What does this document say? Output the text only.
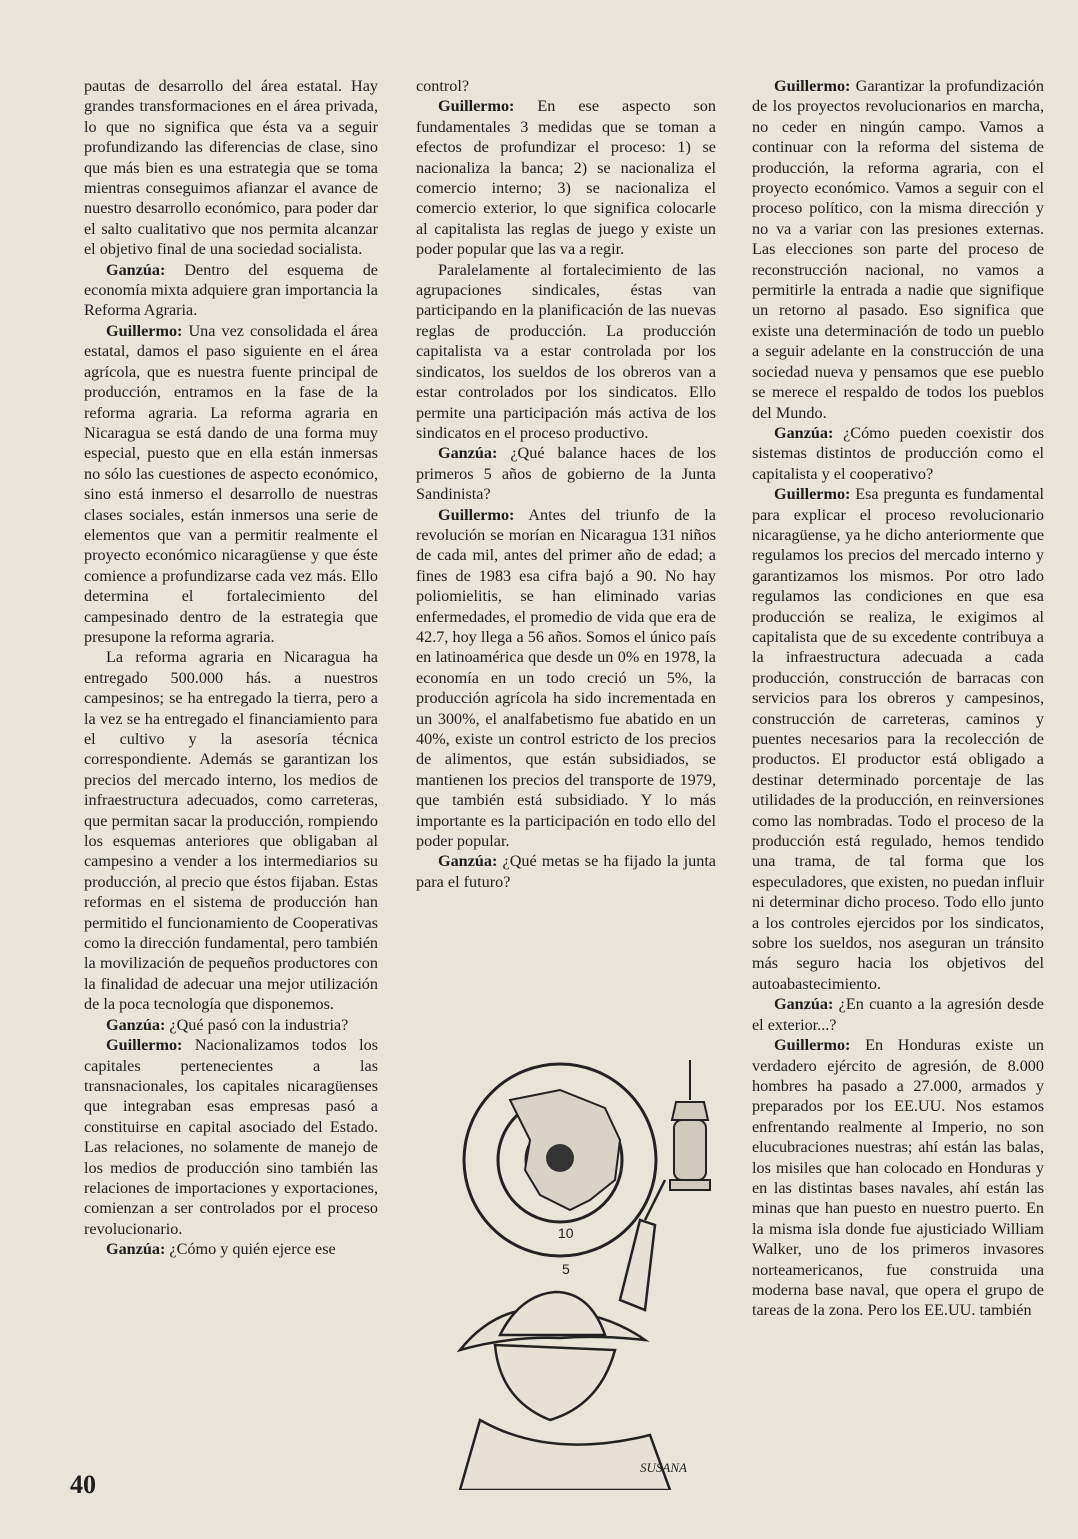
pautas de desarrollo del área estatal. Hay grandes transformaciones en el área privada, lo que no significa que ésta va a seguir profundizando las diferencias de clase, sino que más bien es una estrategia que se toma mientras conseguimos afianzar el avance de nuestro desarrollo económico, para poder dar el salto cualitativo que nos permita alcanzar el objetivo final de una sociedad socialista.

Ganzúa: Dentro del esquema de economía mixta adquiere gran importancia la Reforma Agraria.

Guillermo: Una vez consolidada el área estatal, damos el paso siguiente en el área agrícola, que es nuestra fuente principal de producción, entramos en la fase de la reforma agraria. La reforma agraria en Nicaragua se está dando de una forma muy especial, puesto que en ella están inmersas no sólo las cuestiones de aspecto económico, sino está inmerso el desarrollo de nuestras clases sociales, están inmersos una serie de elementos que van a permitir realmente el proyecto económico nicaragüense y que éste comience a profundizarse cada vez más. Ello determina el fortalecimiento del campesinado dentro de la estrategia que presupone la reforma agraria.

La reforma agraria en Nicaragua ha entregado 500.000 hás. a nuestros campesinos; se ha entregado la tierra, pero a la vez se ha entregado el financiamiento para el cultivo y la asesoría técnica correspondiente. Además se garantizan los precios del mercado interno, los medios de infraestructura adecuados, como carreteras, que permitan sacar la producción, rompiendo los esquemas anteriores que obligaban al campesino a vender a los intermediarios su producción, al precio que éstos fijaban. Estas reformas en el sistema de producción han permitido el funcionamiento de Cooperativas como la dirección fundamental, pero también la movilización de pequeños productores con la finalidad de adecuar una mejor utilización de la poca tecnología que disponemos.

Ganzúa: ¿Qué pasó con la industria?

Guillermo: Nacionalizamos todos los capitales pertenecientes a las transnacionales, los capitales nicaragüenses que integraban esas empresas pasó a constituirse en capital asociado del Estado. Las relaciones, no solamente de manejo de los medios de producción sino también las relaciones de importaciones y exportaciones, comienzan a ser controlados por el proceso revolucionario.

Ganzúa: ¿Cómo y quién ejerce ese

control?

Guillermo: En ese aspecto son fundamentales 3 medidas que se toman a efectos de profundizar el proceso: 1) se nacionaliza la banca; 2) se nacionaliza el comercio interno; 3) se nacionaliza el comercio exterior, lo que significa colocarle al capitalista las reglas de juego y existe un poder popular que las va a regir.

Paralelamente al fortalecimiento de las agrupaciones sindicales, éstas van participando en la planificación de las nuevas reglas de producción. La producción capitalista va a estar controlada por los sindicatos, los sueldos de los obreros van a estar controlados por los sindicatos. Ello permite una participación más activa de los sindicatos en el proceso productivo.

Ganzúa: ¿Qué balance haces de los primeros 5 años de gobierno de la Junta Sandinista?

Guillermo: Antes del triunfo de la revolución se morían en Nicaragua 131 niños de cada mil, antes del primer año de edad; a fines de 1983 esa cifra bajó a 90. No hay poliomielitis, se han eliminado varias enfermedades, el promedio de vida que era de 42.7, hoy llega a 56 años. Somos el único país en latinoamérica que desde un 0% en 1978, la economía en un todo creció un 5%, la producción agrícola ha sido incrementada en un 300%, el analfabetismo fue abatido en un 40%, existe un control estricto de los precios de alimentos, que están subsidiados, se mantienen los precios del transporte de 1979, que también está subsidiado. Y lo más importante es la participación en todo ello del poder popular.

Ganzúa: ¿Qué metas se ha fijado la junta para el futuro?

Guillermo: Garantizar la profundización de los proyectos revolucionarios en marcha, no ceder en ningún campo. Vamos a continuar con la reforma del sistema de producción, la reforma agraria, con el proyecto económico. Vamos a seguir con el proceso político, con la misma dirección y no va a variar con las presiones externas. Las elecciones son parte del proceso de reconstrucción nacional, no vamos a permitirle la entrada a nadie que signifique un retorno al pasado. Eso significa que existe una determinación de todo un pueblo a seguir adelante en la construcción de una sociedad nueva y pensamos que ese pueblo se merece el respaldo de todos los pueblos del Mundo.

Ganzúa: ¿Cómo pueden coexistir dos sistemas distintos de producción como el capitalista y el cooperativo?

Guillermo: Esa pregunta es fundamental para explicar el proceso revolucionario nicaragüense, ya he dicho anteriormente que regulamos los precios del mercado interno y garantizamos los mismos. Por otro lado regulamos las condiciones en que esa producción se realiza, le exigimos al capitalista que de su excedente contribuya a la infraestructura adecuada a cada producción, construcción de barracas con servicios para los obreros y campesinos, construcción de carreteras, caminos y puentes necesarios para la recolección de productos. El productor está obligado a destinar determinado porcentaje de las utilidades de la producción, en reinversiones como las nombradas. Todo el proceso de la producción está regulado, hemos tendido una trama, de tal forma que los especuladores, que existen, no puedan influir ni determinar dicho proceso. Todo ello junto a los controles ejercidos por los sindicatos, sobre los sueldos, nos aseguran un tránsito más seguro hacia los objetivos del autoabastecimiento.

Ganzúa: ¿En cuanto a la agresión desde el exterior...?

Guillermo: En Honduras existe un verdadero ejército de agresión, de 8.000 hombres ha pasado a 27.000, armados y preparados por los EE.UU. Nos estamos enfrentando realmente al Imperio, no son elucubraciones nuestras; ahí están las balas, los misiles que han colocado en Honduras y en las distintas bases navales, ahí están las minas que han puesto en nuestro puerto. En la misma isla donde fue ajusticiado William Walker, uno de los primeros invasores norteamericanos, fue construida una moderna base naval, que opera el grupo de tareas de la zona. Pero los EE.UU. también

10
5
SUSANA
40
